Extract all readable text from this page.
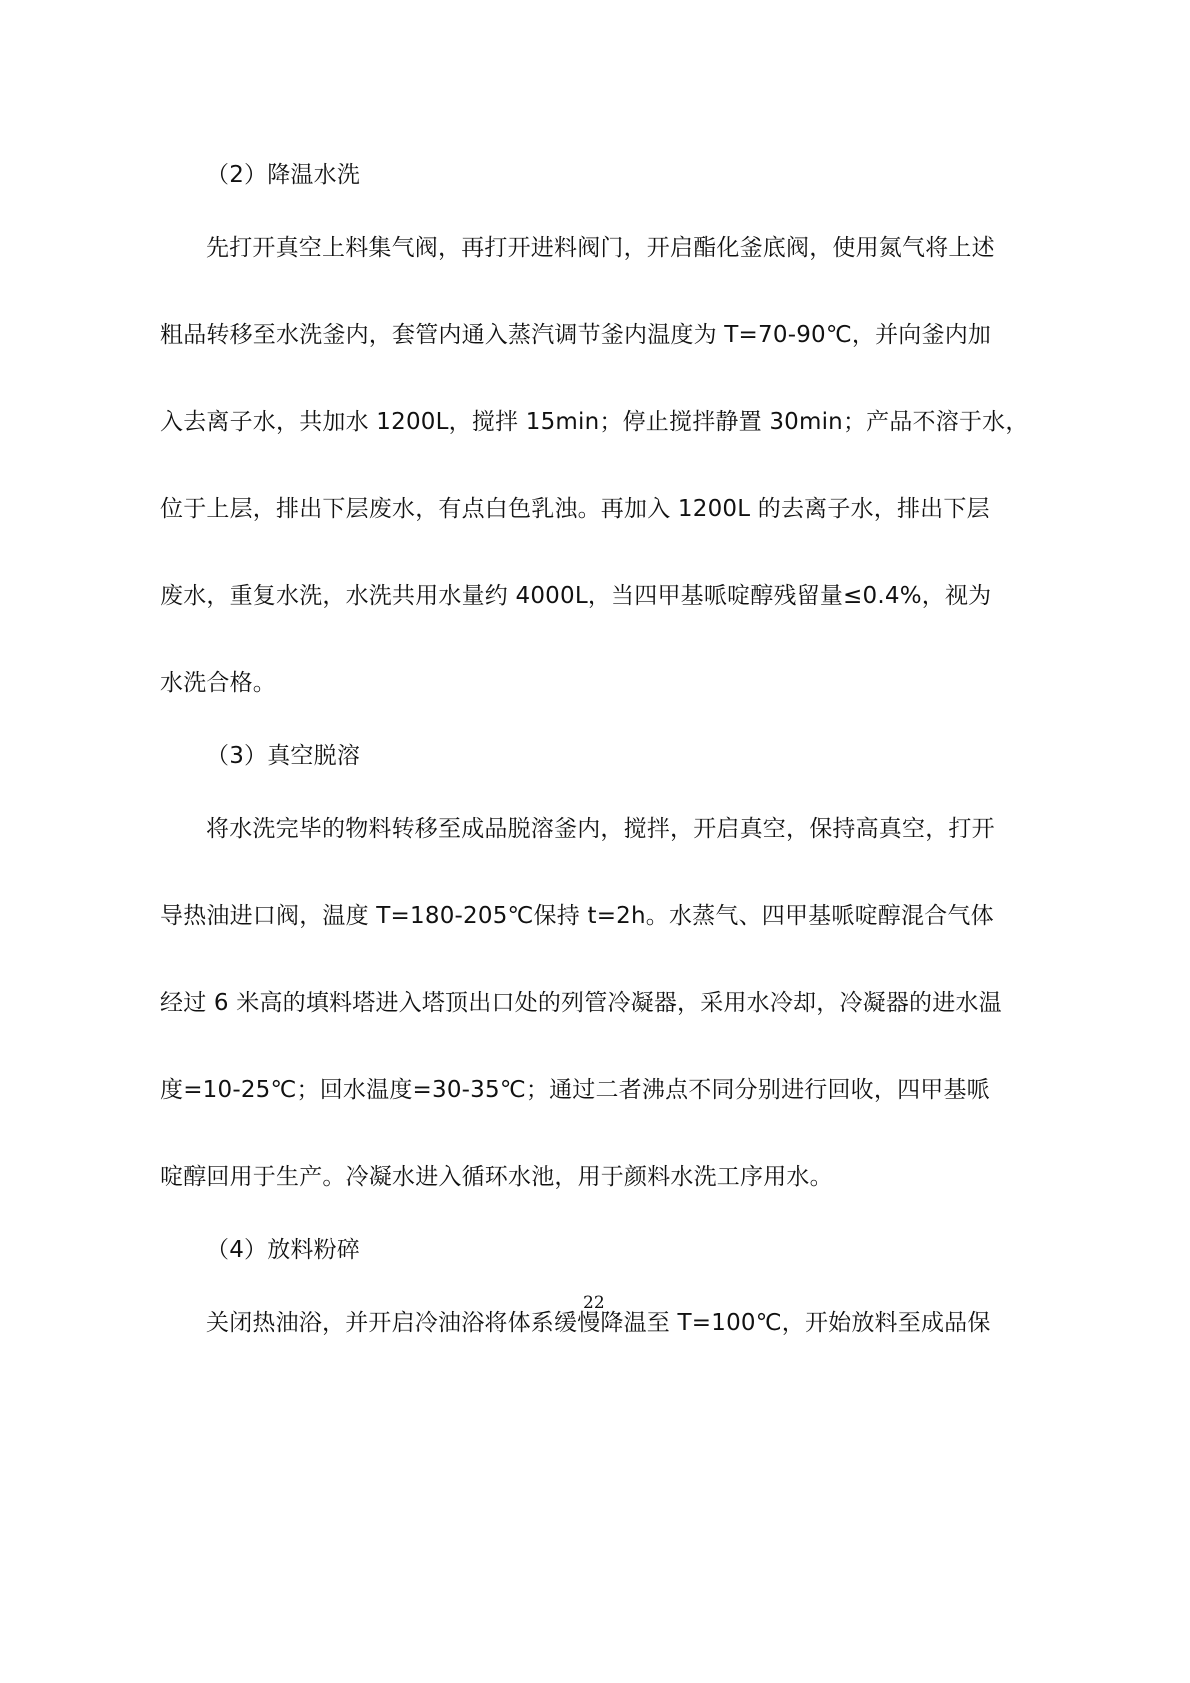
（2）降温水洗
先打开真空上料集气阀，再打开进料阀门，开启酯化釜底阀，使用氮气将上述
粗品转移至水洗釜内，套管内通入蒸汽调节釜内温度为 T=70-90℃，并向釜内加
入去离子水，共加水 1200L，搅拌 15min；停止搅拌静置 30min；产品不溶于水，
位于上层，排出下层废水，有点白色乳浊。再加入 1200L 的去离子水，排出下层
废水，重复水洗，水洗共用水量约 4000L，当四甲基哌啶醇残留量≤0.4%，视为
水洗合格。
（3）真空脱溶
将水洗完毕的物料转移至成品脱溶釜内，搅拌，开启真空，保持高真空，打开
导热油进口阀，温度 T=180-205℃保持 t=2h。水蒸气、四甲基哌啶醇混合气体
经过 6 米高的填料塔进入塔顶出口处的列管冷凝器，采用水冷却，冷凝器的进水温
度=10-25℃；回水温度=30-35℃；通过二者沸点不同分别进行回收，四甲基哌
啶醇回用于生产。冷凝水进入循环水池，用于颜料水洗工序用水。
（4）放料粉碎
关闭热油浴，并开启冷油浴将体系缓慢降温至 T=100℃，开始放料至成品保
22
